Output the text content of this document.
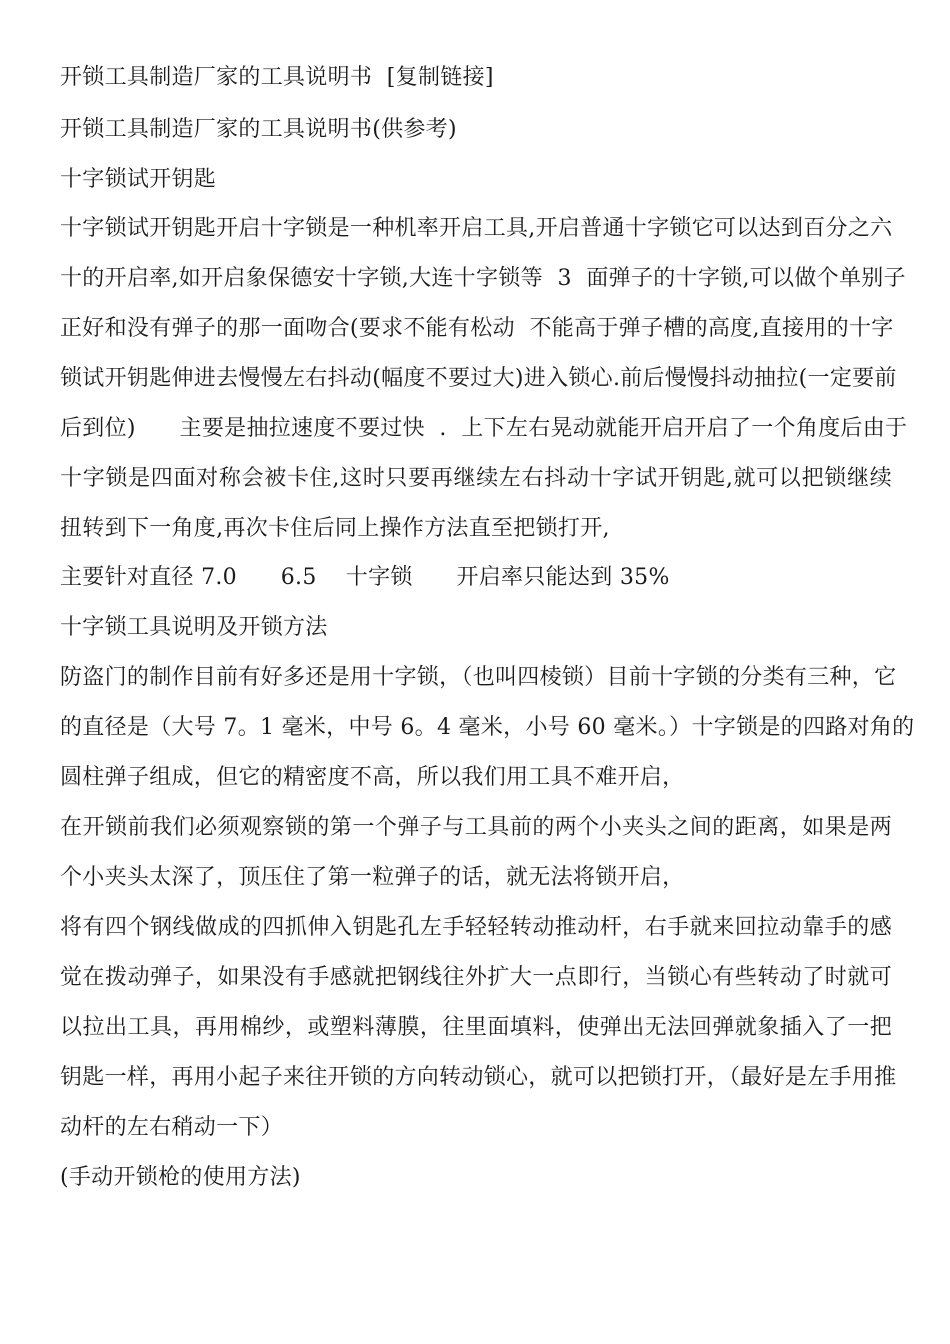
开锁工具制造厂家的工具说明书  [复制链接]
开锁工具制造厂家的工具说明书(供参考)
十字锁试开钥匙
十字锁试开钥匙开启十字锁是一种机率开启工具,开启普通十字锁它可以达到百分之六
十的开启率,如开启象保德安十字锁,大连十字锁等  3  面弹子的十字锁,可以做个单别子
正好和没有弹子的那一面吻合(要求不能有松动  不能高于弹子槽的高度,直接用的十字
锁试开钥匙伸进去慢慢左右抖动(幅度不要过大)进入锁心.前后慢慢抖动抽拉(一定要前
后到位)      主要是抽拉速度不要过快  .  上下左右晃动就能开启开启了一个角度后由于
十字锁是四面对称会被卡住,这时只要再继续左右抖动十字试开钥匙,就可以把锁继续
扭转到下一角度,再次卡住后同上操作方法直至把锁打开,
主要针对直径 7.0      6.5    十字锁      开启率只能达到 35%
十字锁工具说明及开锁方法
防盗门的制作目前有好多还是用十字锁，（也叫四棱锁）目前十字锁的分类有三种，它
的直径是（大号 7。1 毫米，中号 6。4 毫米，小号 60 毫米。）十字锁是的四路对角的
圆柱弹子组成，但它的精密度不高，所以我们用工具不难开启，
在开锁前我们必须观察锁的第一个弹子与工具前的两个小夹头之间的距离，如果是两
个小夹头太深了，顶压住了第一粒弹子的话，就无法将锁开启，
将有四个钢线做成的四抓伸入钥匙孔左手轻轻转动推动杆，右手就来回拉动靠手的感
觉在拨动弹子，如果没有手感就把钢线往外扩大一点即行，当锁心有些转动了时就可
以拉出工具，再用棉纱，或塑料薄膜，往里面填料，使弹出无法回弹就象插入了一把
钥匙一样，再用小起子来往开锁的方向转动锁心，就可以把锁打开，（最好是左手用推
动杆的左右稍动一下）
(手动开锁枪的使用方法)
